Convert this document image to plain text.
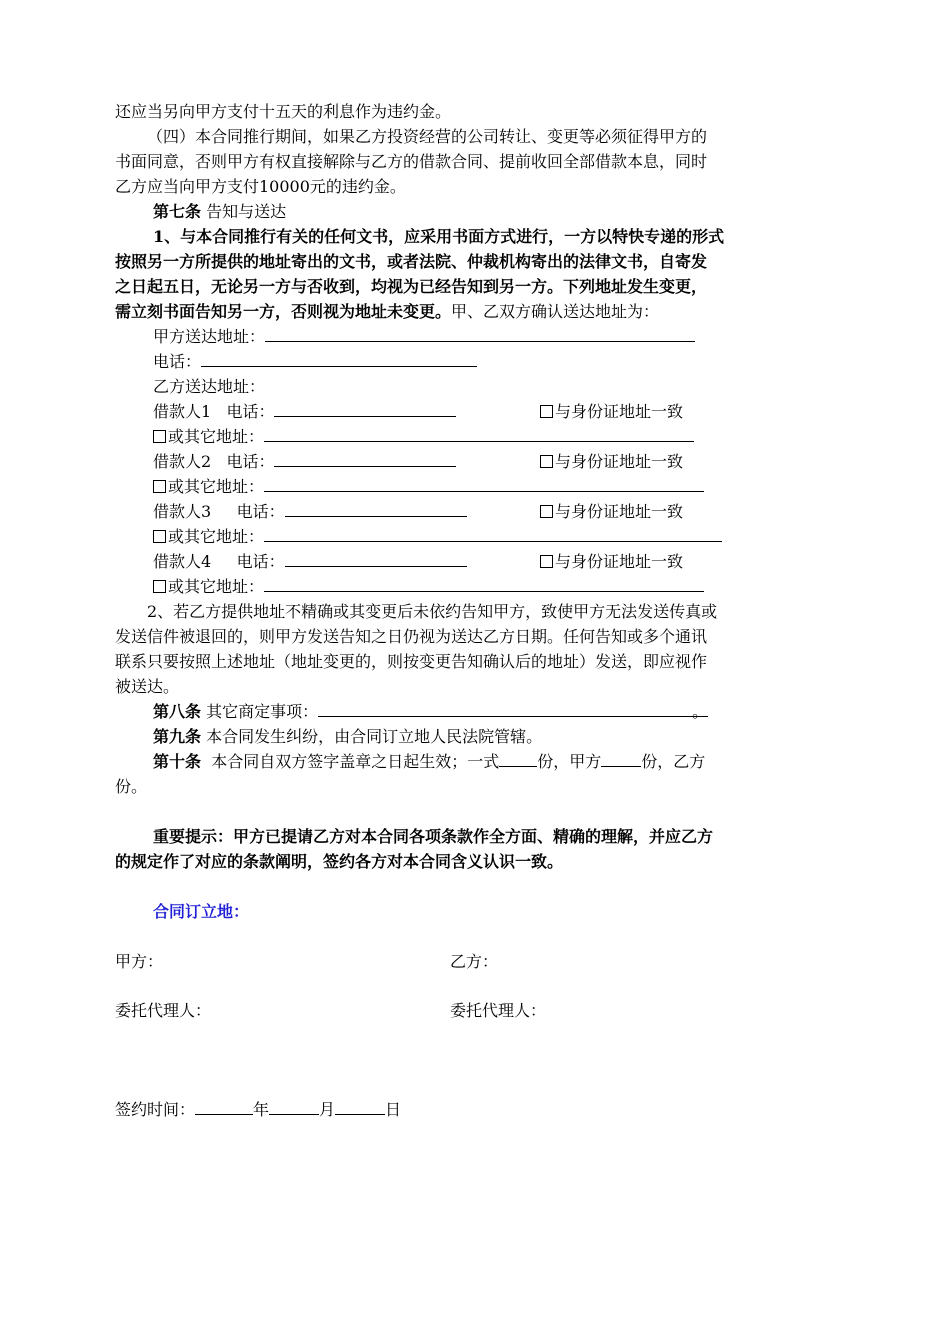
还应当另向甲方支付十五天的利息作为违约金。
（四）本合同推行期间，如果乙方投资经营的公司转让、变更等必须征得甲方的
书面同意，否则甲方有权直接解除与乙方的借款合同、提前收回全部借款本息，同时
乙方应当向甲方支付10000元的违约金。
第七条 告知与送达
1、与本合同推行有关的任何文书，应采用书面方式进行，一方以特快专递的形式
按照另一方所提供的地址寄出的文书，或者法院、仲裁机构寄出的法律文书，自寄发
之日起五日，无论另一方与否收到，均视为已经告知到另一方。下列地址发生变更，
需立刻书面告知另一方，否则视为地址未变更。甲、乙双方确认送达地址为：
甲方送达地址：
电话：
乙方送达地址：
借款人1 电话：	与身份证地址一致
或其它地址：
借款人2 电话：	与身份证地址一致
或其它地址：
借款人3 电话：	与身份证地址一致
或其它地址：
借款人4 电话：	与身份证地址一致
或其它地址：
2、若乙方提供地址不精确或其变更后未依约告知甲方，致使甲方无法发送传真或
发送信件被退回的，则甲方发送告知之日仍视为送达乙方日期。任何告知或多个通讯
联系只要按照上述地址（地址变更的，则按变更告知确认后的地址）发送，即应视作
被送达。
第八条 其它商定事项：	。
第九条 本合同发生纠纷，由合同订立地人民法院管辖。
第十条 本合同自双方签字盖章之日起生效；一式 份，甲方	份，乙方
份。
重要提示：甲方已提请乙方对本合同各项条款作全方面、精确的理解，并应乙方
的规定作了对应的条款阐明，签约各方对本合同含义认识一致。
合同订立地：
甲方：	乙方：
委托代理人：	委托代理人：
签约时间：	年	月	日
